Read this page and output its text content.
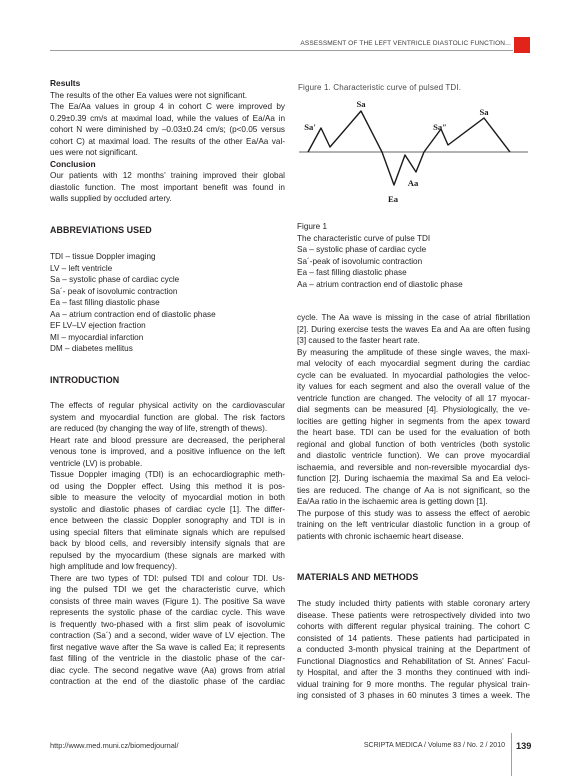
ASSESSMENT OF THE LEFT VENTRICLE DIASTOLIC FUNCTION...
Results
The results of the other Ea values were not significant.
The Ea/Aa values in group 4 in cohort C were improved by
0.29±0.39 cm/s at maximal load, while the values of Ea/Aa in
cohort N were diminished by –0.03±0.24 cm/s; (p<0.05 versus
cohort C) at maximal load. The results of the other Ea/Aa val-
ues were not significant.
Conclusion
Our patients with 12 months’ training improved their global
diastolic function. The most important benefit was found in
walls supplied by occluded artery.
ABBREVIATIONS USED
TDI – tissue Doppler imaging
LV – left ventricle
Sa – systolic phase of cardiac cycle
Sa´- peak of isovolumic contraction
Ea – fast filling diastolic phase
Aa – atrium contraction end of diastolic phase
EF LV–LV ejection fraction
MI – myocardial infarction
DM – diabetes mellitus
INTRODUCTION
The effects of regular physical activity on the cardiovascular
system and myocardial function are global. The risk factors
are reduced (by changing the way of life, strength of thews).
Heart rate and blood pressure are decreased, the peripheral
venous tone is improved, and a positive influence on the left
ventricle (LV) is probable.
Tissue Doppler imaging (TDI) is an echocardiographic meth-
od using the Doppler effect. Using this method it is pos-
sible to measure the velocity of myocardial motion in both
systolic and diastolic phases of cardiac cycle [1]. The differ-
ence between the classic Doppler sonography and TDI is in
using special filters that eliminate signals which are repulsed
back by blood cells, and reversibly intensify signals that are
repulsed by the myocardium (these signals are marked with
high amplitude and low frequency).
There are two types of TDI: pulsed TDI and colour TDI. Us-
ing the pulsed TDI we get the characteristic curve, which
consists of three main waves (Figure 1). The positive Sa wave
represents the systolic phase of the cardiac cycle. This wave
is frequently two-phased with a first slim peak of isovolumic
contraction (Sa´) and a second, wider wave of LV ejection. The
first negative wave after the Sa wave is called Ea; it represents
fast filling of the ventricle in the diastolic phase of the car-
diac cycle. The second negative wave (Aa) grows from atrial
contraction at the end of the diastolic phase of the cardiac
Figure 1. Characteristic curve of pulsed TDI.
Sa
Sa′	Sa″
Sa
Aa
Ea
Figure 1
The characteristic curve of pulse TDI
Sa – systolic phase of cardiac cycle
Sa´-peak of isovolumic contraction
Ea – fast filling diastolic phase
Aa – atrium contraction end of diastolic phase
cycle. The Aa wave is missing in the case of atrial fibrillation
[2]. During exercise tests the waves Ea and Aa are often fusing
[3] caused to the faster heart rate.
By measuring the amplitude of these single waves, the maxi-
mal velocity of each myocardial segment during the cardiac
cycle can be evaluated. In myocardial pathologies the veloc-
ity values for each segment and also the overall value of the
ventricle function are changed. The velocity of all 17 myocar-
dial segments can be measured [4]. Physiologically, the ve-
locities are getting higher in segments from the apex toward
the heart base. TDI can be used for the evaluation of both
regional and global function of both ventricles (both systolic
and diastolic ventricle function). We can prove myocardial
ischaemia, and reversible and non-reversible myocardial dys-
function [2]. During ischaemia the maximal Sa and Ea veloci-
ties are reduced. The change of Aa is not significant, so the
Ea/Aa ratio in the ischaemic area is getting down [1].
The purpose of this study was to assess the effect of aerobic
training on the left ventricular diastolic function in a group of
patients with chronic ischaemic heart disease.
MATERIALS AND METHODS
The study included thirty patients with stable coronary artery
disease. These patients were retrospectively divided into two
cohorts with different regular physical training. The cohort C
consisted of 14 patients. These patients had participated in
a conducted 3-month physical training at the Department of
Functional Diagnostics and Rehabilitation of St. Annes’ Facul-
ty Hospital, and after the 3 months they continued with indi-
vidual training for 9 more months. The regular physical train-
ing consisted of 3 phases in 60 minutes 3 times a week. The
http://www.med.muni.cz/biomedjournal/	SCRIPTA MEDICA / Volume 83 / No. 2 / 2010 139
